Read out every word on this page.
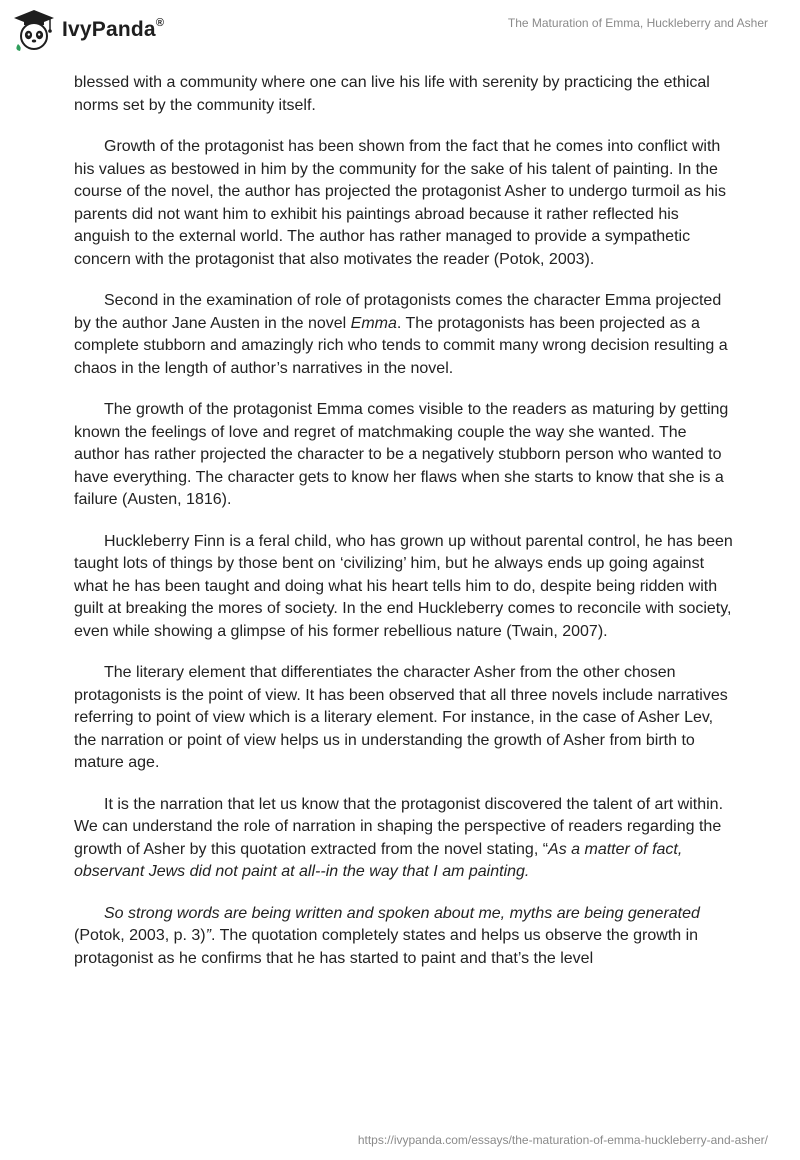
IvyPanda®	The Maturation of Emma, Huckleberry and Asher

blessed with a community where one can live his life with serenity by practicing the ethical norms set by the community itself.

Growth of the protagonist has been shown from the fact that he comes into conflict with his values as bestowed in him by the community for the sake of his talent of painting. In the course of the novel, the author has projected the protagonist Asher to undergo turmoil as his parents did not want him to exhibit his paintings abroad because it rather reflected his anguish to the external world. The author has rather managed to provide a sympathetic concern with the protagonist that also motivates the reader (Potok, 2003).

Second in the examination of role of protagonists comes the character Emma projected by the author Jane Austen in the novel Emma. The protagonists has been projected as a complete stubborn and amazingly rich who tends to commit many wrong decision resulting a chaos in the length of author’s narratives in the novel.

The growth of the protagonist Emma comes visible to the readers as maturing by getting known the feelings of love and regret of matchmaking couple the way she wanted. The author has rather projected the character to be a negatively stubborn person who wanted to have everything. The character gets to know her flaws when she starts to know that she is a failure (Austen, 1816).

Huckleberry Finn is a feral child, who has grown up without parental control, he has been taught lots of things by those bent on ‘civilizing’ him, but he always ends up going against what he has been taught and doing what his heart tells him to do, despite being ridden with guilt at breaking the mores of society. In the end Huckleberry comes to reconcile with society, even while showing a glimpse of his former rebellious nature (Twain, 2007).

The literary element that differentiates the character Asher from the other chosen protagonists is the point of view. It has been observed that all three novels include narratives referring to point of view which is a literary element. For instance, in the case of Asher Lev, the narration or point of view helps us in understanding the growth of Asher from birth to mature age.

It is the narration that let us know that the protagonist discovered the talent of art within. We can understand the role of narration in shaping the perspective of readers regarding the growth of Asher by this quotation extracted from the novel stating, “As a matter of fact, observant Jews did not paint at all--in the way that I am painting.

So strong words are being written and spoken about me, myths are being generated (Potok, 2003, p. 3)”. The quotation completely states and helps us observe the growth in protagonist as he confirms that he has started to paint and that’s the level

https://ivypanda.com/essays/the-maturation-of-emma-huckleberry-and-asher/
